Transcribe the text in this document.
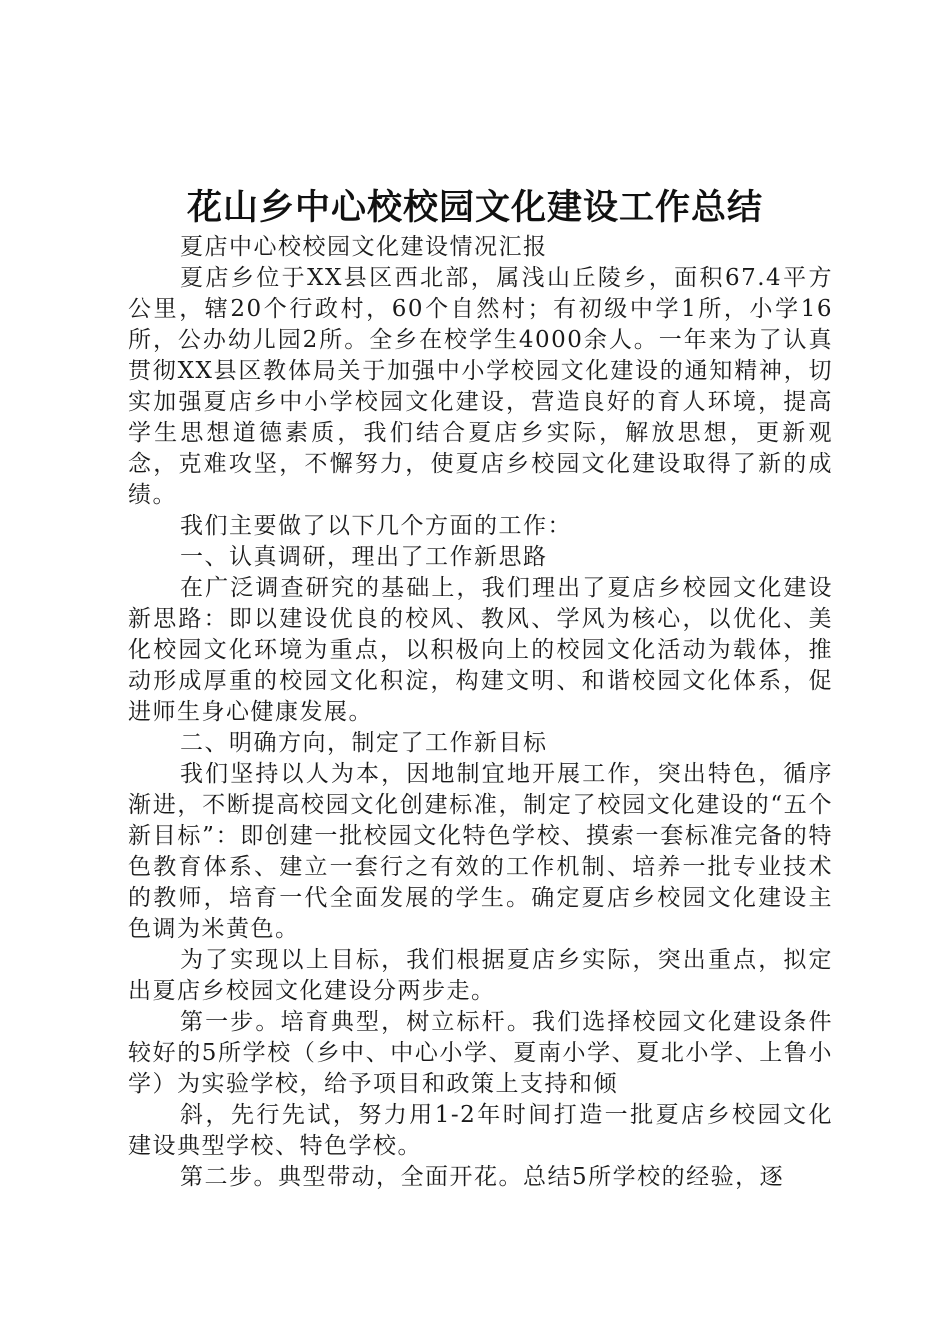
花山乡中心校校园文化建设工作总结

夏店中心校校园文化建设情况汇报

夏店乡位于XX县区西北部，属浅山丘陵乡，面积67.4平方公里，辖20个行政村，60个自然村；有初级中学1所，小学16所，公办幼儿园2所。全乡在校学生4000余人。一年来为了认真贯彻XX县区教体局关于加强中小学校园文化建设的通知精神，切实加强夏店乡中小学校园文化建设，营造良好的育人环境，提高学生思想道德素质，我们结合夏店乡实际，解放思想，更新观念，克难攻坚，不懈努力，使夏店乡校园文化建设取得了新的成绩。

我们主要做了以下几个方面的工作：

一、认真调研，理出了工作新思路

在广泛调查研究的基础上，我们理出了夏店乡校园文化建设新思路：即以建设优良的校风、教风、学风为核心，以优化、美化校园文化环境为重点，以积极向上的校园文化活动为载体，推动形成厚重的校园文化积淀，构建文明、和谐校园文化体系，促进师生身心健康发展。

二、明确方向，制定了工作新目标

我们坚持以人为本，因地制宜地开展工作，突出特色，循序渐进，不断提高校园文化创建标准，制定了校园文化建设的“五个新目标”：即创建一批校园文化特色学校、摸索一套标准完备的特色教育体系、建立一套行之有效的工作机制、培养一批专业技术的教师，培育一代全面发展的学生。确定夏店乡校园文化建设主色调为米黄色。

为了实现以上目标，我们根据夏店乡实际，突出重点，拟定出夏店乡校园文化建设分两步走。

第一步。培育典型，树立标杆。我们选择校园文化建设条件较好的5所学校（乡中、中心小学、夏南小学、夏北小学、上鲁小学）为实验学校，给予项目和政策上支持和倾

斜，先行先试，努力用1-2年时间打造一批夏店乡校园文化建设典型学校、特色学校。

第二步。典型带动，全面开花。总结5所学校的经验，逐
